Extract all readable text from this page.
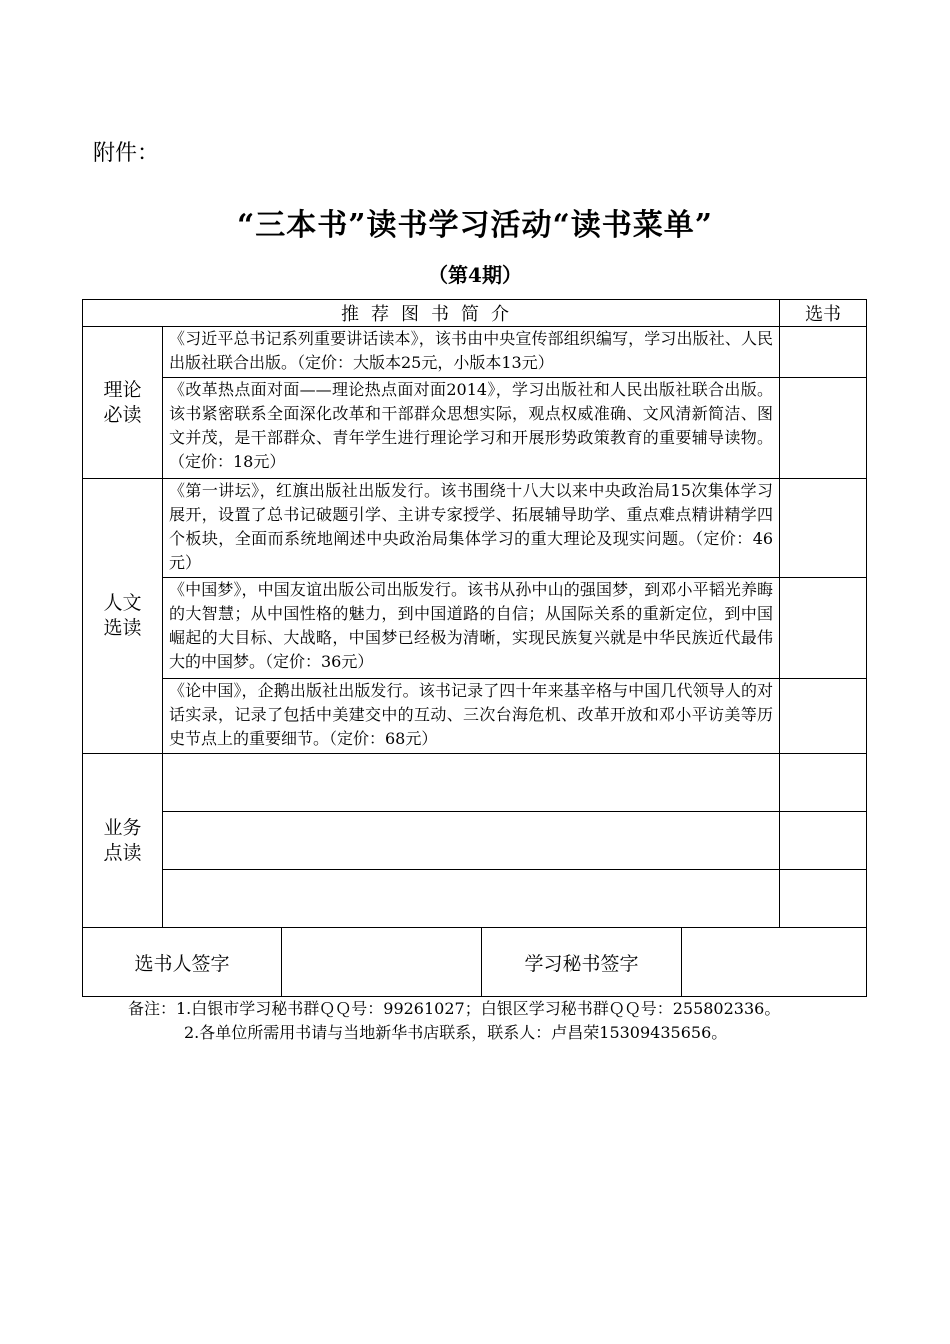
附件：
“三本书”读书学习活动“读书菜单”
（第4期）
推荐图书简介					选书

理论
必读	《习近平总书记系列重要讲话读本》，该书由中央宣传部组织编写，学习出版社、人民出版社联合出版。（定价：大版本25元，小版本13元）				
	《改革热点面对面——理论热点面对面2014》，学习出版社和人民出版社联合出版。该书紧密联系全面深化改革和干部群众思想实际，观点权威准确、文风清新简洁、图文并茂，是干部群众、青年学生进行理论学习和开展形势政策教育的重要辅导读物。（定价：18元）				

人文
选读	《第一讲坛》，红旗出版社出版发行。该书围绕十八大以来中央政治局15次集体学习展开，设置了总书记破题引学、主讲专家授学、拓展辅导助学、重点难点精讲精学四个板块，全面而系统地阐述中央政治局集体学习的重大理论及现实问题。（定价：46元）				
	《中国梦》，中国友谊出版公司出版发行。该书从孙中山的强国梦，到邓小平韬光养晦的大智慧；从中国性格的魅力，到中国道路的自信；从国际关系的重新定位，到中国崛起的大目标、大战略，中国梦已经极为清晰，实现民族复兴就是中华民族近代最伟大的中国梦。（定价：36元）				
	《论中国》，企鹅出版社出版发行。该书记录了四十年来基辛格与中国几代领导人的对话实录，记录了包括中美建交中的互动、三次台海危机、改革开放和邓小平访美等历史节点上的重要细节。（定价：68元）				

业务
点读					

选书人签字			学习秘书签字		
备注：1.白银市学习秘书群ＱＱ号：99261027；白银区学习秘书群ＱＱ号：255802336。
2.各单位所需用书请与当地新华书店联系，联系人：卢昌荣15309435656。
